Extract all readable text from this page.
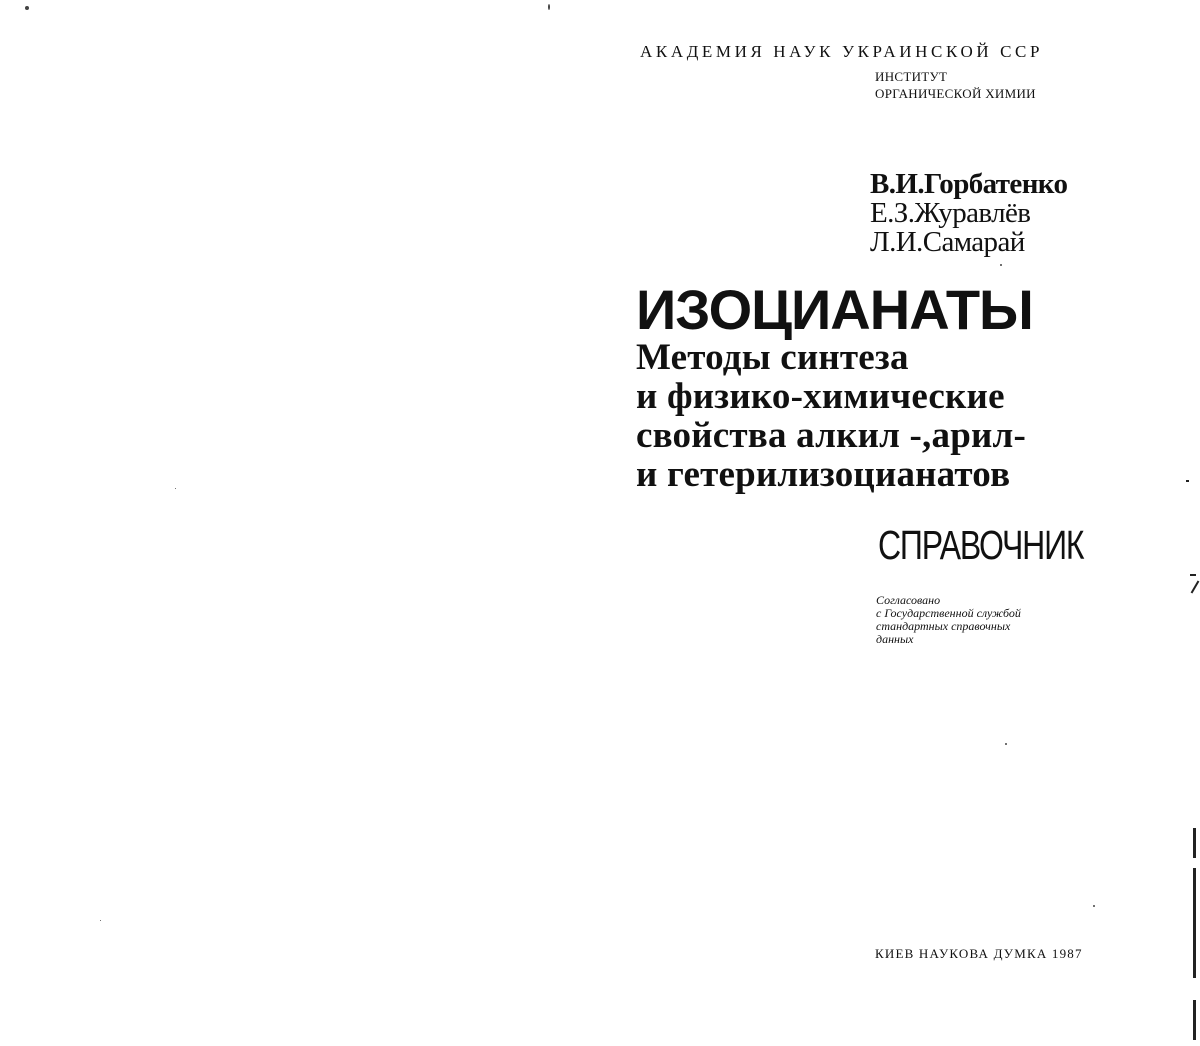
АКАДЕМИЯ НАУК УКРАИНСКОЙ ССР
ИНСТИТУТ
ОРГАНИЧЕСКОЙ ХИМИИ
В.И.Горбатенко
Е.З.Журавлёв
Л.И.Самарай
ИЗОЦИАНАТЫ
Методы синтеза
и физико-химические
свойства алкил -,арил-
и гетерилизоцианатов
СПРАВОЧНИК
Согласовано
с Государственной службой
стандартных справочных
данных
КИЕВ НАУКОВА ДУМКА 1987
